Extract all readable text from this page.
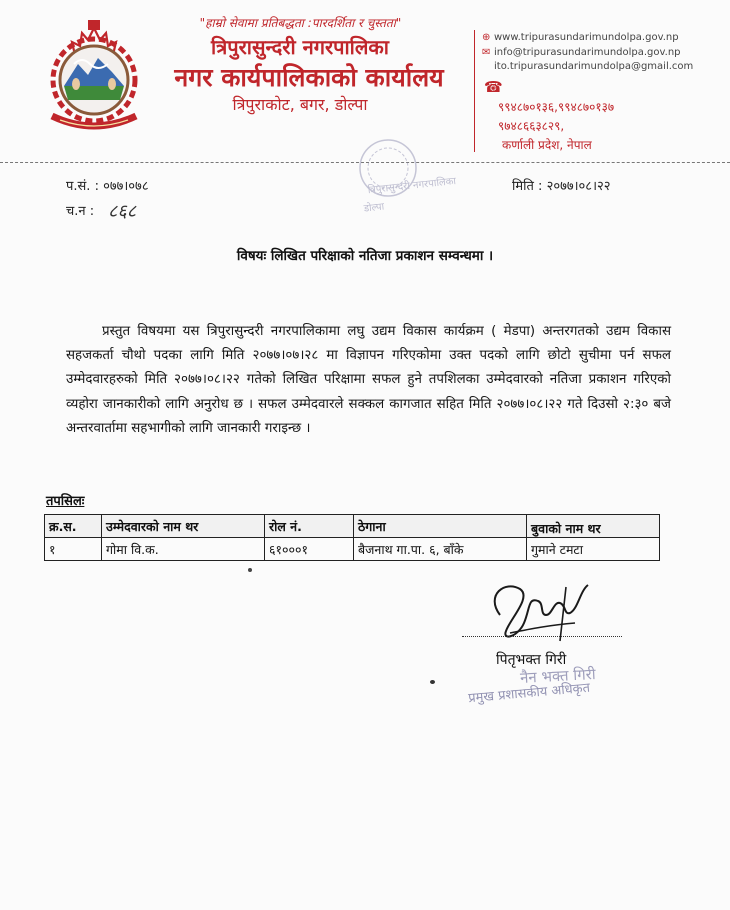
"हाम्रो सेवामा प्रतिबद्धता :पारदर्शिता र चुस्तता"
त्रिपुरासुन्दरी नगरपालिका
नगर कार्यपालिकाको कार्यालय
त्रिपुराकोट, बगर, डोल्पा
⊕ www.tripurasundarimundolpa.gov.np
✉ info@tripurasundarimundolpa.gov.np
ito.tripurasundarimundolpa@gmail.com
☎
९९४८७०१३६,९९४८७०१३७
९७४८६६३८२९,
कर्णाली प्रदेश, नेपाल
त्रिपुरासुन्दरी नगरपालिका
डोल्पा
प.सं. : ०७७।०७८
च.न : ८६८
मिति : २०७७।०८।२२
विषयः लिखित परिक्षाको नतिजा प्रकाशन सम्वन्धमा ।
प्रस्तुत विषयमा यस त्रिपुरासुन्दरी नगरपालिकामा लघु उद्यम विकास कार्यक्रम ( मेडपा) अन्तरगतको उद्यम विकास सहजकर्ता चौथो पदका लागि मिति २०७७।०७।२८ मा विज्ञापन गरिएकोमा उक्त पदको लागि छोटो सुचीमा पर्न सफल उम्मेदवारहरुको मिति २०७७।०८।२२ गतेको लिखित परिक्षामा सफल हुने तपशिलका उम्मेदवारको नतिजा प्रकाशन गरिएको व्यहोरा जानकारीको लागि अनुरोध छ । सफल उम्मेदवारले सक्कल कागजात सहित मिति २०७७।०८।२२ गते दिउसो २:३० बजे अन्तरवार्तामा सहभागीको लागि जानकारी गराइन्छ ।
तपसिलः
क्र.स.	उम्मेदवारको नाम थर	रोल नं.	ठेगाना	बुवाको नाम थर
१	गोमा वि.क.	६१०००१	बैजनाथ गा.पा. ६, बाँके	गुमाने टमटा
पितृभक्त गिरी
नैन भक्त गिरी
प्रमुख प्रशासकीय अधिकृत
